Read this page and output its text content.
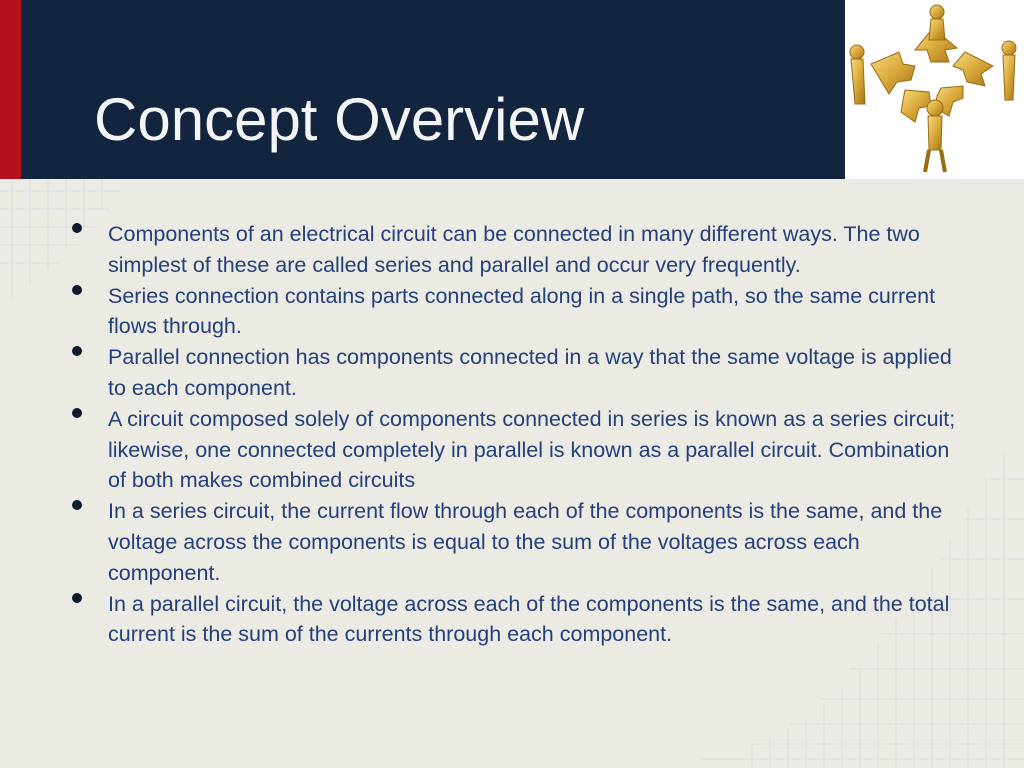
Concept Overview
Components of an electrical circuit can be connected in many different ways. The two simplest of these are called series and parallel and occur very frequently.
Series connection contains parts connected along in a single path, so the same current flows through.
Parallel connection has components connected in a way that the same voltage is applied to each component.
A circuit composed solely of components connected in series is known as a series circuit; likewise, one connected completely in parallel is known as a parallel circuit. Combination of both makes combined circuits
In a series circuit, the current flow through each of the components is the same, and the voltage across the components is equal to the sum of the voltages across each component.
In a parallel circuit, the voltage across each of the components is the same, and the total current is the sum of the currents through each component.
